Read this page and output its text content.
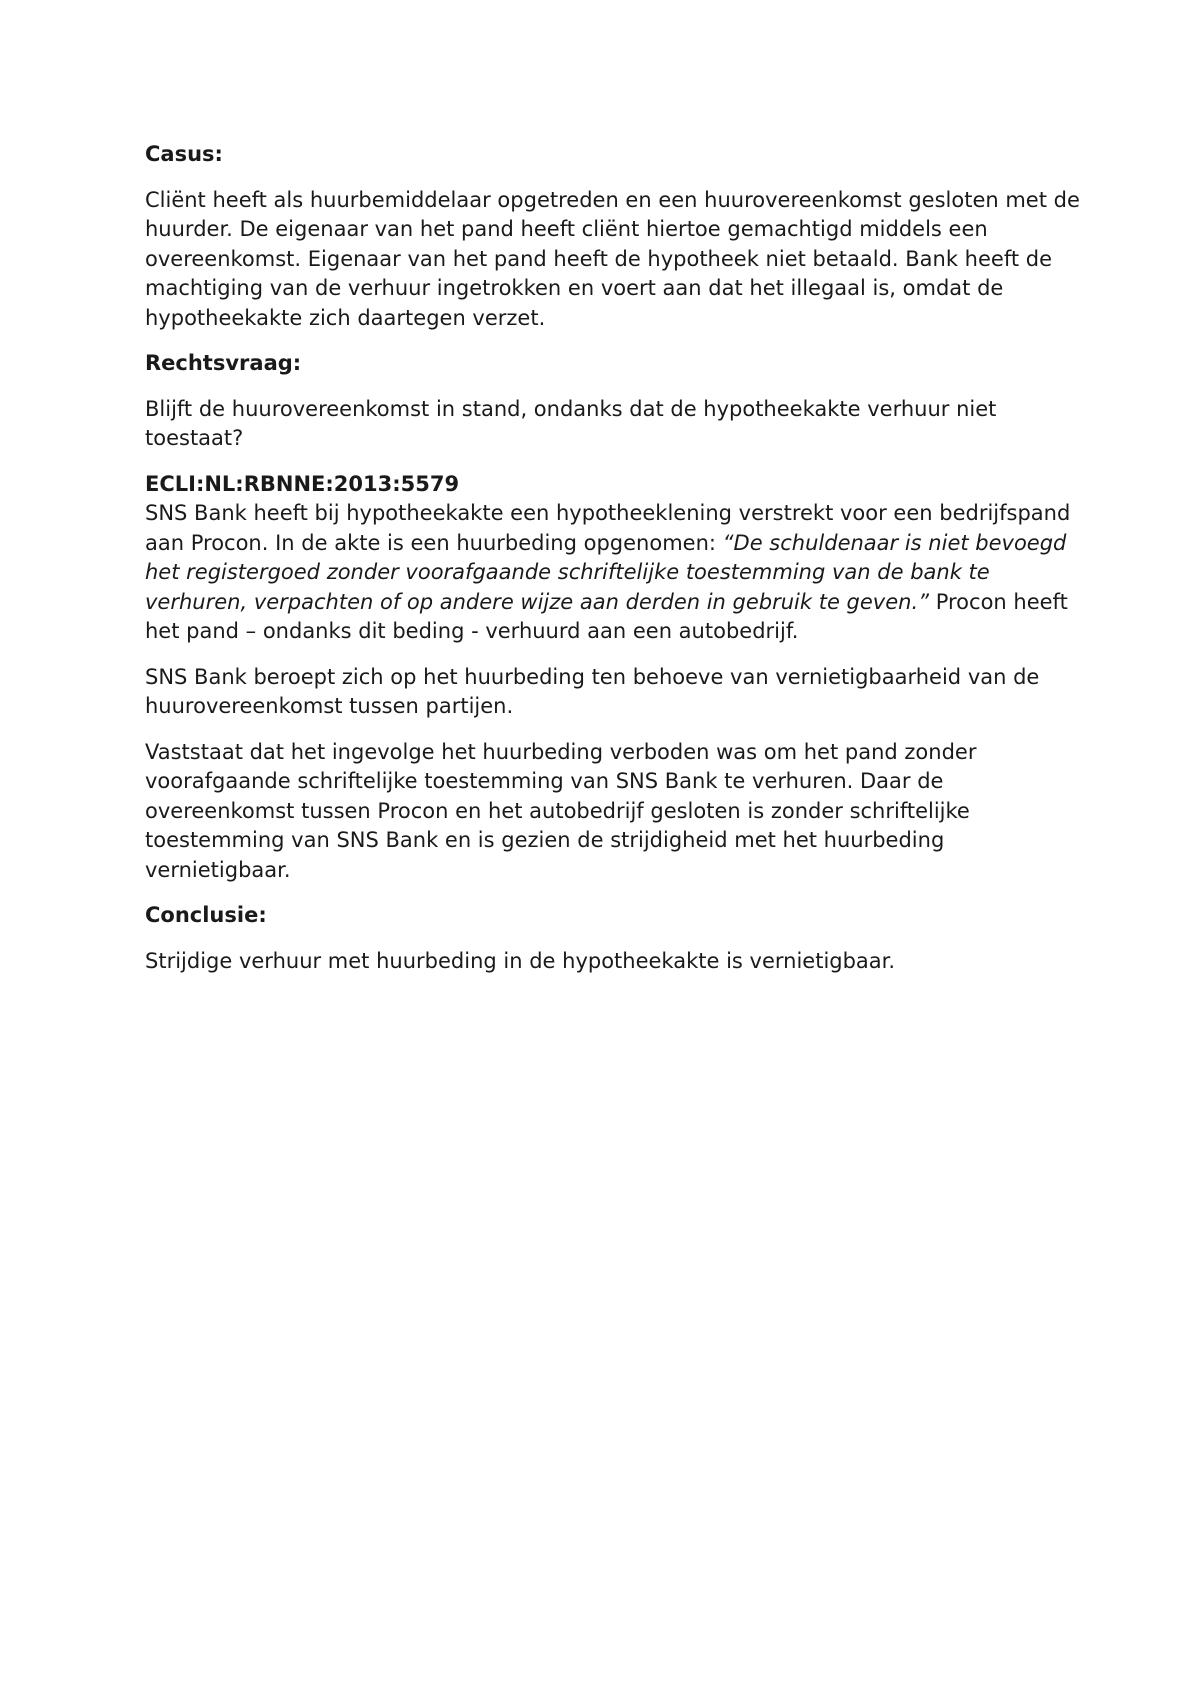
Casus:

Cliënt heeft als huurbemiddelaar opgetreden en een huurovereenkomst gesloten met de huurder. De eigenaar van het pand heeft cliënt hiertoe gemachtigd middels een overeenkomst. Eigenaar van het pand heeft de hypotheek niet betaald. Bank heeft de machtiging van de verhuur ingetrokken en voert aan dat het illegaal is, omdat de hypotheekakte zich daartegen verzet.

Rechtsvraag:

Blijft de huurovereenkomst in stand, ondanks dat de hypotheekakte verhuur niet toestaat?

ECLI:NL:RBNNE:2013:5579

SNS Bank heeft bij hypotheekakte een hypotheeklening verstrekt voor een bedrijfspand aan Procon. In de akte is een huurbeding opgenomen: “De schuldenaar is niet bevoegd het registergoed zonder voorafgaande schriftelijke toestemming van de bank te verhuren, verpachten of op andere wijze aan derden in gebruik te geven.” Procon heeft het pand – ondanks dit beding - verhuurd aan een autobedrijf.

SNS Bank beroept zich op het huurbeding ten behoeve van vernietigbaarheid van de huurovereenkomst tussen partijen.

Vaststaat dat het ingevolge het huurbeding verboden was om het pand zonder voorafgaande schriftelijke toestemming van SNS Bank te verhuren. Daar de overeenkomst tussen Procon en het autobedrijf gesloten is zonder schriftelijke toestemming van SNS Bank en is gezien de strijdigheid met het huurbeding vernietigbaar.

Conclusie:

Strijdige verhuur met huurbeding in de hypotheekakte is vernietigbaar.
